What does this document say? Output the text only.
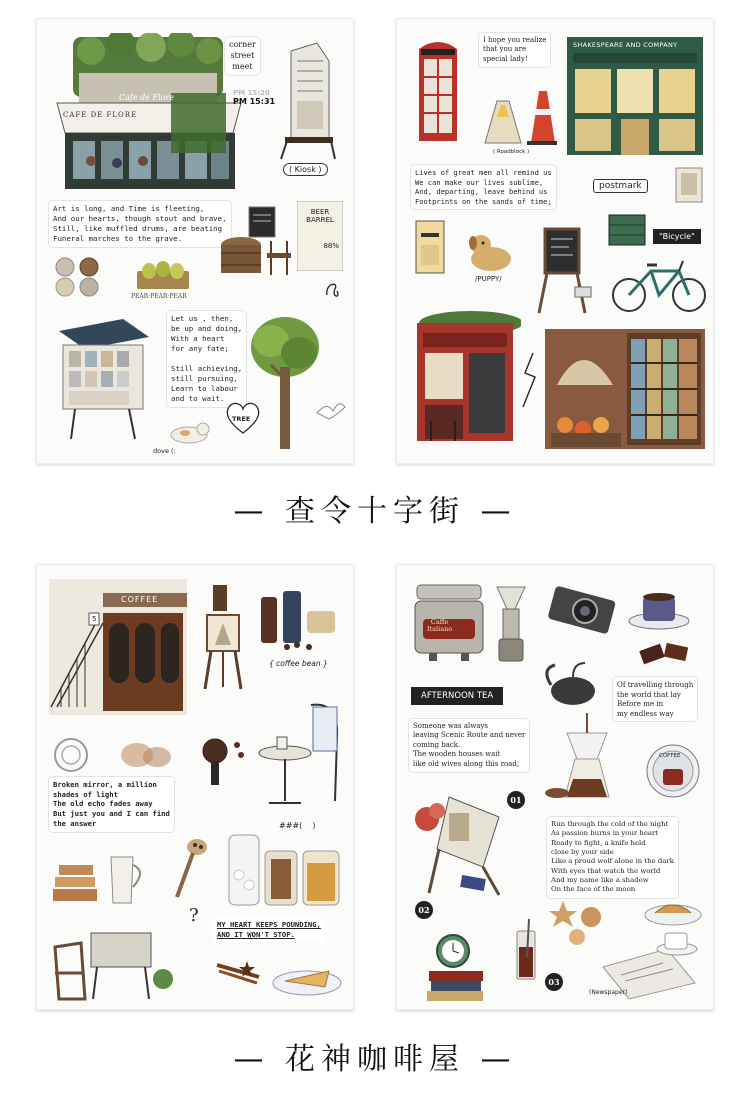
Cafe de Flore
CAFE DE FLORE
corner
street
meet
PM 15:20
PM 15:31
( Kiosk )
Art is long, and Time is fleeting,
And our hearts, though stout and brave,
Still, like muffled drums, are beating
Funeral marches to the grave.
BEER
BARREL
88%
PEAR·PEAR·PEAR
Let us , then,
be up and doing,
With a heart
for any fate;

Still achieving,
still pursuing,
Learn to labour
and to wait.
TREE
dove (:
I hope you realize
that you are
special lady!
( Roadblock )
SHAKESPEARE AND COMPANY
Lives of great men all remind us
We can make our lives sublime,
And, departing, leave behind us
Footprints on the sands of time;
postmark
"Bicycle"
/PUPPY/
COFFEE
5
{ coffee bean }
Broken mirror, a million
shades of light
The old echo fades away
But just you and I can find
the answer	###(    )
?	MY HEART KEEPS POUNDING,
AND IT WON'T STOP.
Caffe
Italiano
AFTERNOON TEA
Of travelling through
the world that lay
Before me in
my endless way
Someone was always
leaving Scenic Route and never
coming back.
The wooden houses wait
like old wives along this road;
COFFEE
01
Run through the cold of the night
As passion burns in your heart
Ready to fight, a knife held
close by your side
Like a proud wolf alone in the dark
With eyes that watch the world
And my name like a shadow
On the face of the moon
02
03
(Newspaper)
— 查令十字街 —
— 花神咖啡屋 —
